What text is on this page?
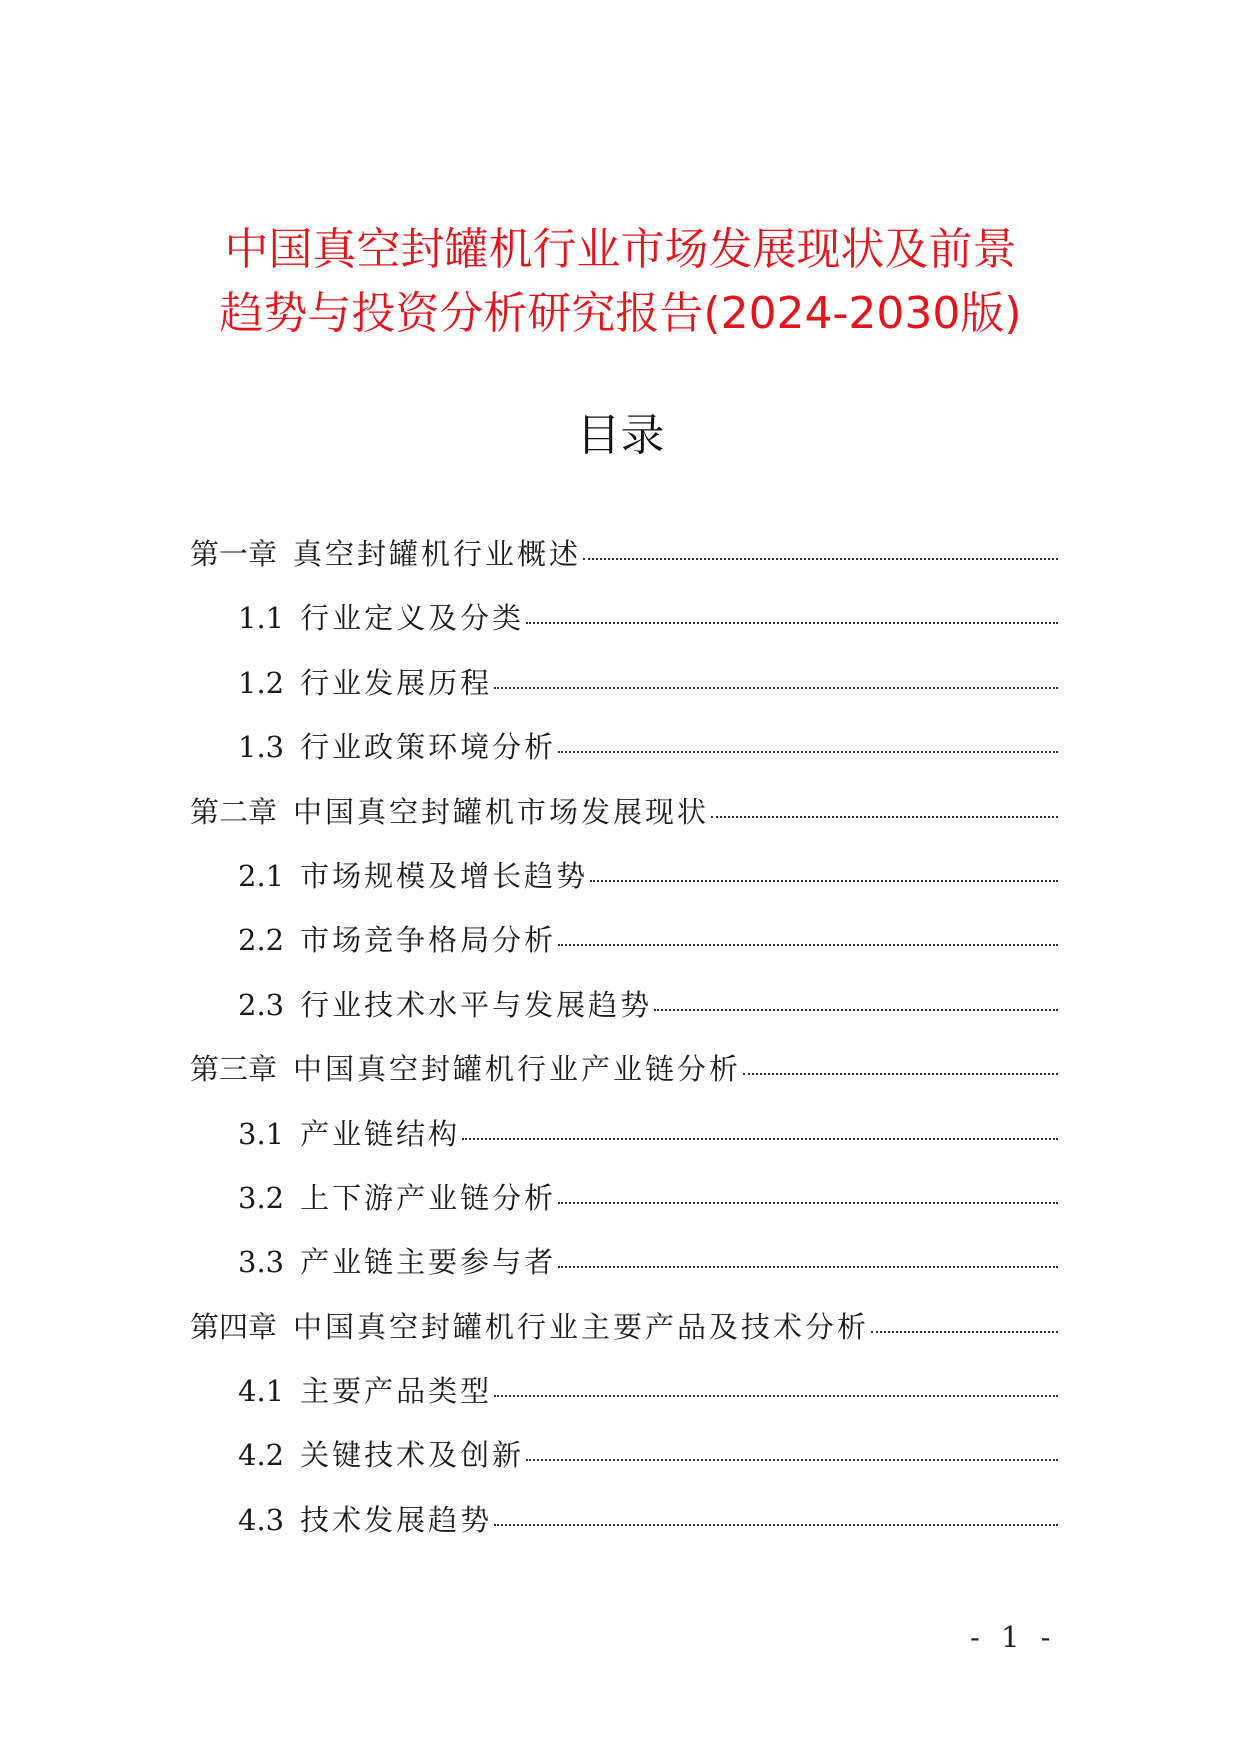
中国真空封罐机行业市场发展现状及前景
趋势与投资分析研究报告(2024-2030版)
目录
第一章 真空封罐机行业概述
1.1 行业定义及分类
1.2 行业发展历程
1.3 行业政策环境分析
第二章 中国真空封罐机市场发展现状
2.1 市场规模及增长趋势
2.2 市场竞争格局分析
2.3 行业技术水平与发展趋势
第三章 中国真空封罐机行业产业链分析
3.1 产业链结构
3.2 上下游产业链分析
3.3 产业链主要参与者
第四章 中国真空封罐机行业主要产品及技术分析
4.1 主要产品类型
4.2 关键技术及创新
4.3 技术发展趋势
- 1 -
